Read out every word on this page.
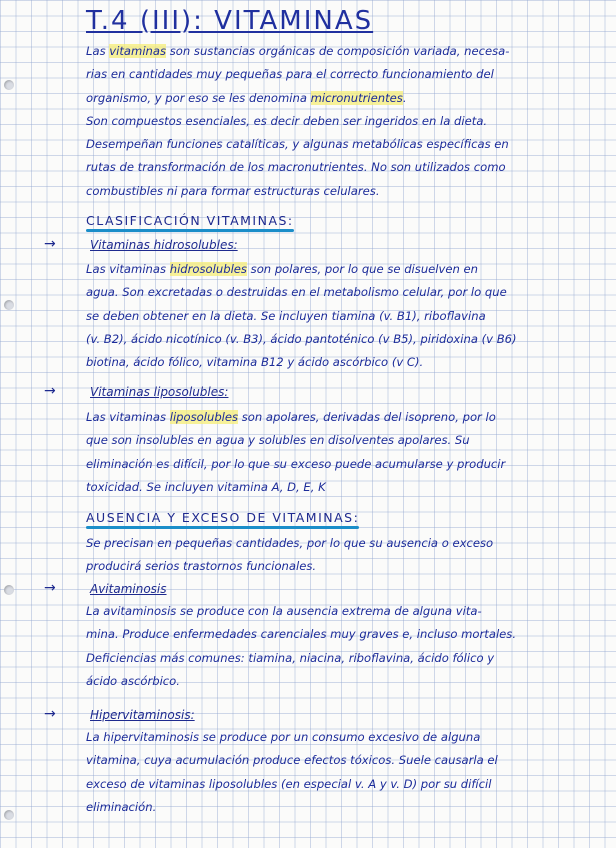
T.4 (III): VITAMINAS
Las vitaminas son sustancias orgánicas de composición variada, necesa-
rias en cantidades muy pequeñas para el correcto funcionamiento del
organismo, y por eso se les denomina micronutrientes.
Son compuestos esenciales, es decir deben ser ingeridos en la dieta.
Desempeñan funciones catalíticas, y algunas metabólicas específicas en
rutas de transformación de los macronutrientes. No son utilizados como
combustibles ni para formar estructuras celulares.
CLASIFICACIÓN VITAMINAS:
→	Vitaminas hidrosolubles:
Las vitaminas hidrosolubles son polares, por lo que se disuelven en
agua. Son excretadas o destruidas en el metabolismo celular, por lo que
se deben obtener en la dieta. Se incluyen tiamina (v. B1), riboflavina
(v. B2), ácido nicotínico (v. B3), ácido pantoténico (v B5), piridoxina (v B6)
biotina, ácido fólico, vitamina B12 y ácido ascórbico (v C).
→	Vitaminas liposolubles:
Las vitaminas liposolubles son apolares, derivadas del isopreno, por lo
que son insolubles en agua y solubles en disolventes apolares. Su
eliminación es difícil, por lo que su exceso puede acumularse y producir
toxicidad. Se incluyen vitamina A, D, E, K
AUSENCIA Y EXCESO DE VITAMINAS:
Se precisan en pequeñas cantidades, por lo que su ausencia o exceso
producirá serios trastornos funcionales.
→	Avitaminosis
La avitaminosis se produce con la ausencia extrema de alguna vita-
mina. Produce enfermedades carenciales muy graves e, incluso mortales.
Deficiencias más comunes: tiamina, niacina, riboflavina, ácido fólico y
ácido ascórbico.
→	Hipervitaminosis:
La hipervitaminosis se produce por un consumo excesivo de alguna
vitamina, cuya acumulación produce efectos tóxicos. Suele causarla el
exceso de vitaminas liposolubles (en especial v. A y v. D) por su difícil
eliminación.
